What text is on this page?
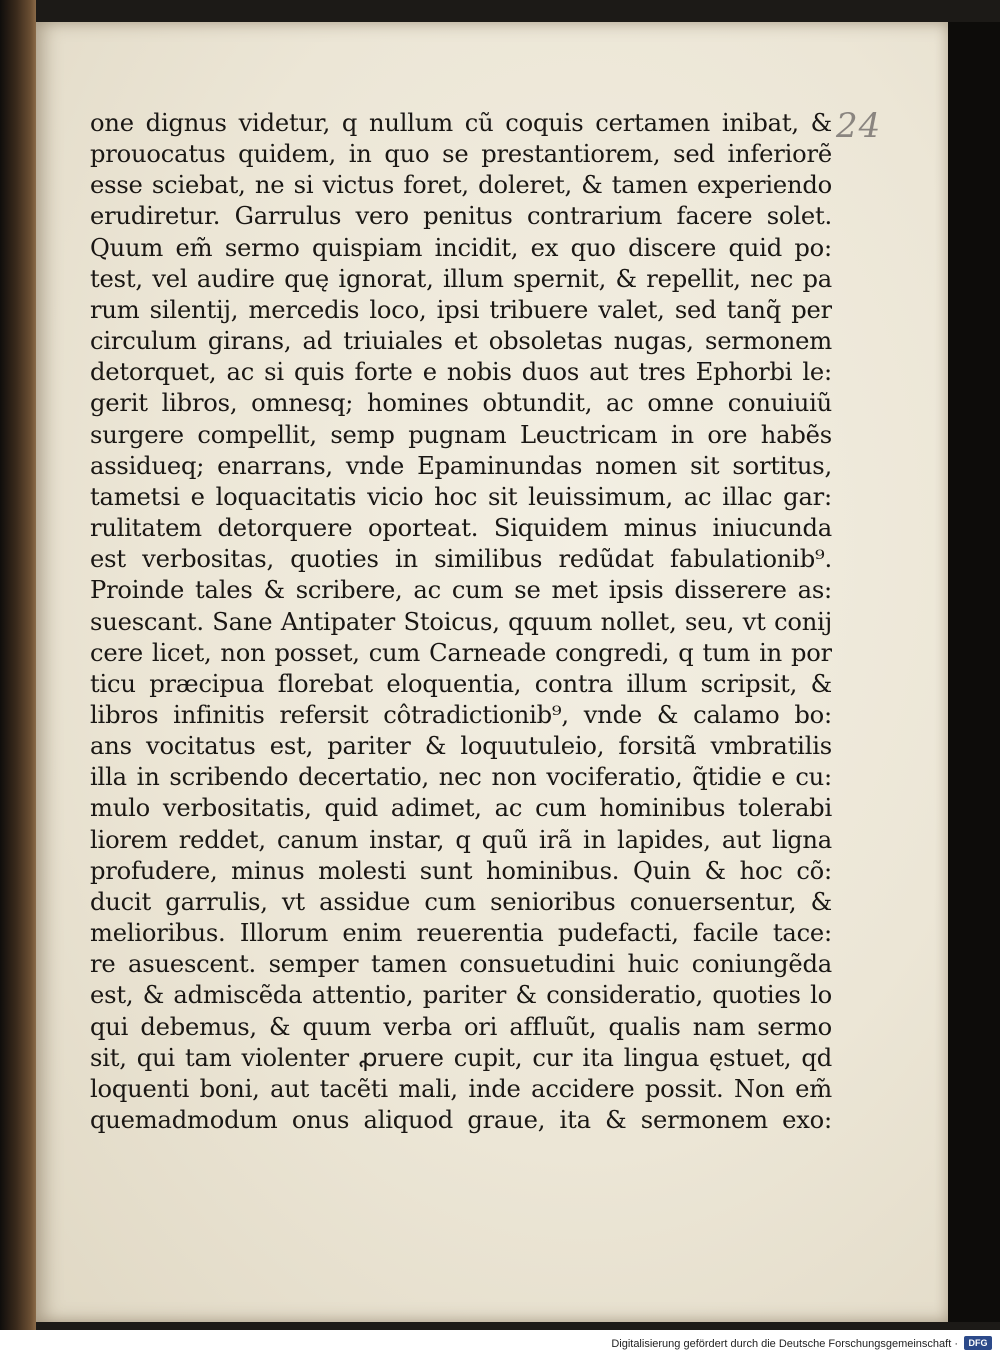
24
one dignus videtur, q nullum cũ coquis certamen inibat, &
prouocatus quidem, in quo se prestantiorem, sed inferiorẽ
esse sciebat, ne si victus foret, doleret, & tamen experiendo
erudiretur. Garrulus vero penitus contrarium facere solet.
Quum em̃ sermo quispiam incidit, ex quo discere quid po:
test, vel audire quę ignorat, illum spernit, & repellit, nec pa
rum silentij, mercedis loco, ipsi tribuere valet, sed tanq̃ per
circulum girans, ad triuiales et obsoletas nugas, sermonem
detorquet, ac si quis forte e nobis duos aut tres Ephorbi le:
gerit libros, omnesq; homines obtundit, ac omne conuiuiũ
surgere compellit, semp pugnam Leuctricam in ore habẽs
assidueq; enarrans, vnde Epaminundas nomen sit sortitus,
tametsi e loquacitatis vicio hoc sit leuissimum, ac illac gar:
rulitatem detorquere oporteat. Siquidem minus iniucunda
est verbositas, quoties in similibus redũdat fabulationib⁹.
Proinde tales & scribere, ac cum se met ipsis disserere as:
suescant. Sane Antipater Stoicus, qquum nollet, seu, vt conij
cere licet, non posset, cum Carneade congredi, q tum in por
ticu præcipua florebat eloquentia, contra illum scripsit, &
libros infinitis refersit côtradictionib⁹, vnde & calamo bo:
ans vocitatus est, pariter & loquutuleio, forsitã vmbratilis
illa in scribendo decertatio, nec non vociferatio, q̃tidie e cu:
mulo verbositatis, quid adimet, ac cum hominibus tolerabi
liorem reddet, canum instar, q quũ irã in lapides, aut ligna
profudere, minus molesti sunt hominibus. Quin & hoc cõ:
ducit garrulis, vt assidue cum senioribus conuersentur, &
melioribus. Illorum enim reuerentia pudefacti, facile tace:
re asuescent. semper tamen consuetudini huic coniungẽda
est, & admiscẽda attentio, pariter & consideratio, quoties lo
qui debemus, & quum verba ori affluũt, qualis nam sermo
sit, qui tam violenter ꝓruere cupit, cur ita lingua ęstuet, qd
loquenti boni, aut tacẽti mali, inde accidere possit. Non em̃
quemadmodum onus aliquod graue, ita & sermonem exo:
Digitalisierung gefördert durch die Deutsche Forschungsgemeinschaft ·	DFG
